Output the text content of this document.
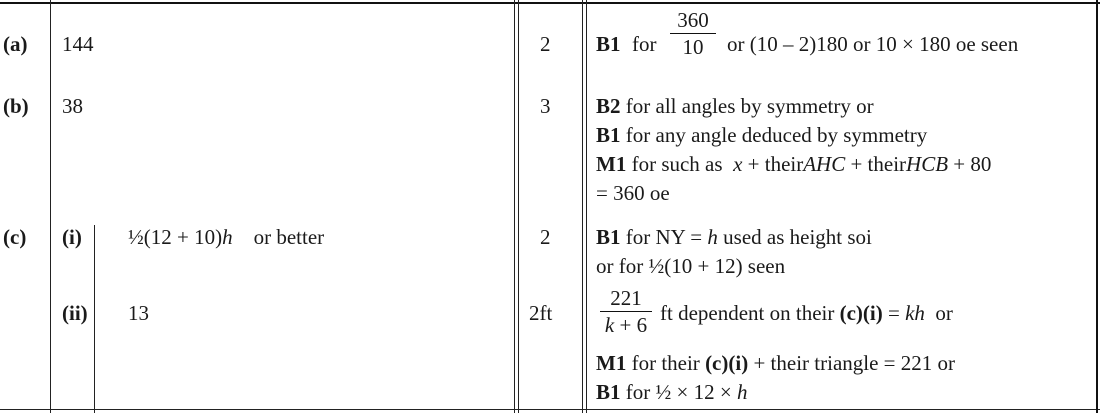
(a) 144	2 B1 for
360
10	or (10 – 2)180 or 10 × 180 oe seen
(b) 38	3 B2 for all angles by symmetry or
B1 for any angle deduced by symmetry
M1 for such as x + theirAHC + theirHCB + 80
= 360 oe
(c) (i) ½(12 + 10)h or better	2 B1 for NY = h used as height soi
or for ½(10 + 12) seen
(ii) 13	2ft
221
k + 6 ft dependent on their (c)(i) = kh or
M1 for their (c)(i) + their triangle = 221 or
B1 for ½ × 12 × h
